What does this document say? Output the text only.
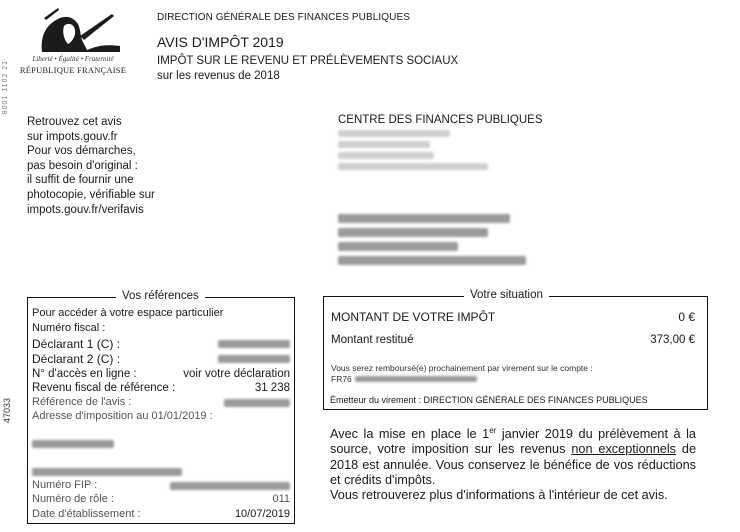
Liberté • Égalité • Fraternité
RÉPUBLIQUE FRANÇAISE
8001 1102 21
47033
DIRECTION GÉNÉRALE DES FINANCES PUBLIQUES
AVIS D'IMPÔT 2019
IMPÔT SUR LE REVENU ET PRÉLÈVEMENTS SOCIAUX
sur les revenus de 2018
Retrouvez cet avis
sur impots.gouv.fr
Pour vos démarches,
pas besoin d'original :
il suffit de fournir une
photocopie, vérifiable sur
impots.gouv.fr/verifavis
CENTRE DES FINANCES PUBLIQUES
Vos références
Pour accéder à votre espace particulier
Numéro fiscal :
Déclarant 1 (C) :
Déclarant 2 (C) :
N° d'accès en ligne :	voir votre déclaration
Revenu fiscal de référence :	31 238
Référence de l'avis :
Adresse d'imposition au 01/01/2019 :
Numéro FIP :
Numéro de rôle :	011
Date d'établissement :	10/07/2019
Votre situation
MONTANT DE VOTRE IMPÔT	0 €
Montant restitué	373,00 €
Vous serez remboursé(e) prochainement par virement sur le compte :
FR76
Émetteur du virement : DIRECTION GÉNÉRALE DES FINANCES PUBLIQUES
Avec la mise en place le 1er janvier 2019 du prélèvement à la source, votre imposition sur les revenus non exceptionnels de 2018 est annulée. Vous conservez le bénéfice de vos réductions et crédits d'impôts.
Vous retrouverez plus d'informations à l'intérieur de cet avis.
